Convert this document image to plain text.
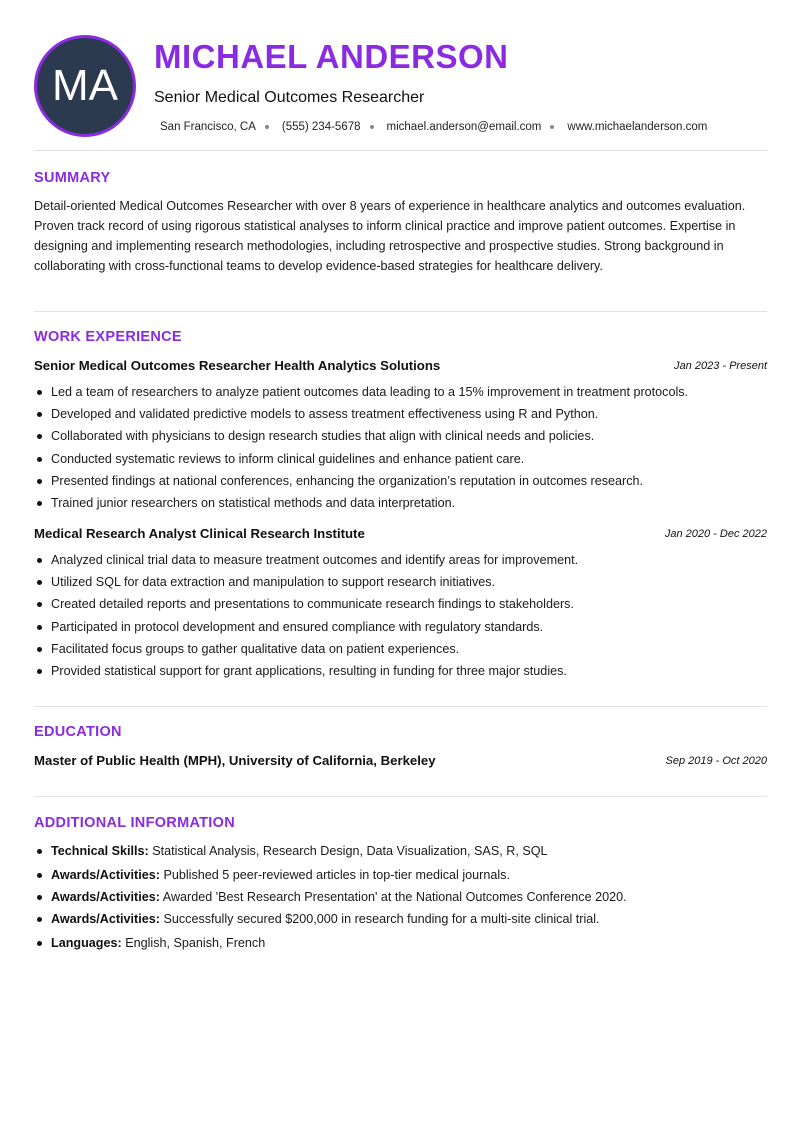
MA
MICHAEL ANDERSON
Senior Medical Outcomes Researcher
San Francisco, CA (555) 234-5678 michael.anderson@email.com www.michaelanderson.com
SUMMARY
Detail-oriented Medical Outcomes Researcher with over 8 years of experience in healthcare analytics and outcomes evaluation. Proven track record of using rigorous statistical analyses to inform clinical practice and improve patient outcomes. Expertise in designing and implementing research methodologies, including retrospective and prospective studies. Strong background in collaborating with cross-functional teams to develop evidence-based strategies for healthcare delivery.
WORK EXPERIENCE
Senior Medical Outcomes Researcher Health Analytics Solutions	Jan 2023 - Present
Led a team of researchers to analyze patient outcomes data leading to a 15% improvement in treatment protocols.
Developed and validated predictive models to assess treatment effectiveness using R and Python.
Collaborated with physicians to design research studies that align with clinical needs and policies.
Conducted systematic reviews to inform clinical guidelines and enhance patient care.
Presented findings at national conferences, enhancing the organization’s reputation in outcomes research.
Trained junior researchers on statistical methods and data interpretation.
Medical Research Analyst Clinical Research Institute	Jan 2020 - Dec 2022
Analyzed clinical trial data to measure treatment outcomes and identify areas for improvement.
Utilized SQL for data extraction and manipulation to support research initiatives.
Created detailed reports and presentations to communicate research findings to stakeholders.
Participated in protocol development and ensured compliance with regulatory standards.
Facilitated focus groups to gather qualitative data on patient experiences.
Provided statistical support for grant applications, resulting in funding for three major studies.
EDUCATION
Master of Public Health (MPH), University of California, Berkeley	Sep 2019 - Oct 2020
ADDITIONAL INFORMATION
Technical Skills: Statistical Analysis, Research Design, Data Visualization, SAS, R, SQL
Awards/Activities: Published 5 peer-reviewed articles in top-tier medical journals.
Awards/Activities: Awarded 'Best Research Presentation' at the National Outcomes Conference 2020.
Awards/Activities: Successfully secured $200,000 in research funding for a multi-site clinical trial.
Languages: English, Spanish, French
